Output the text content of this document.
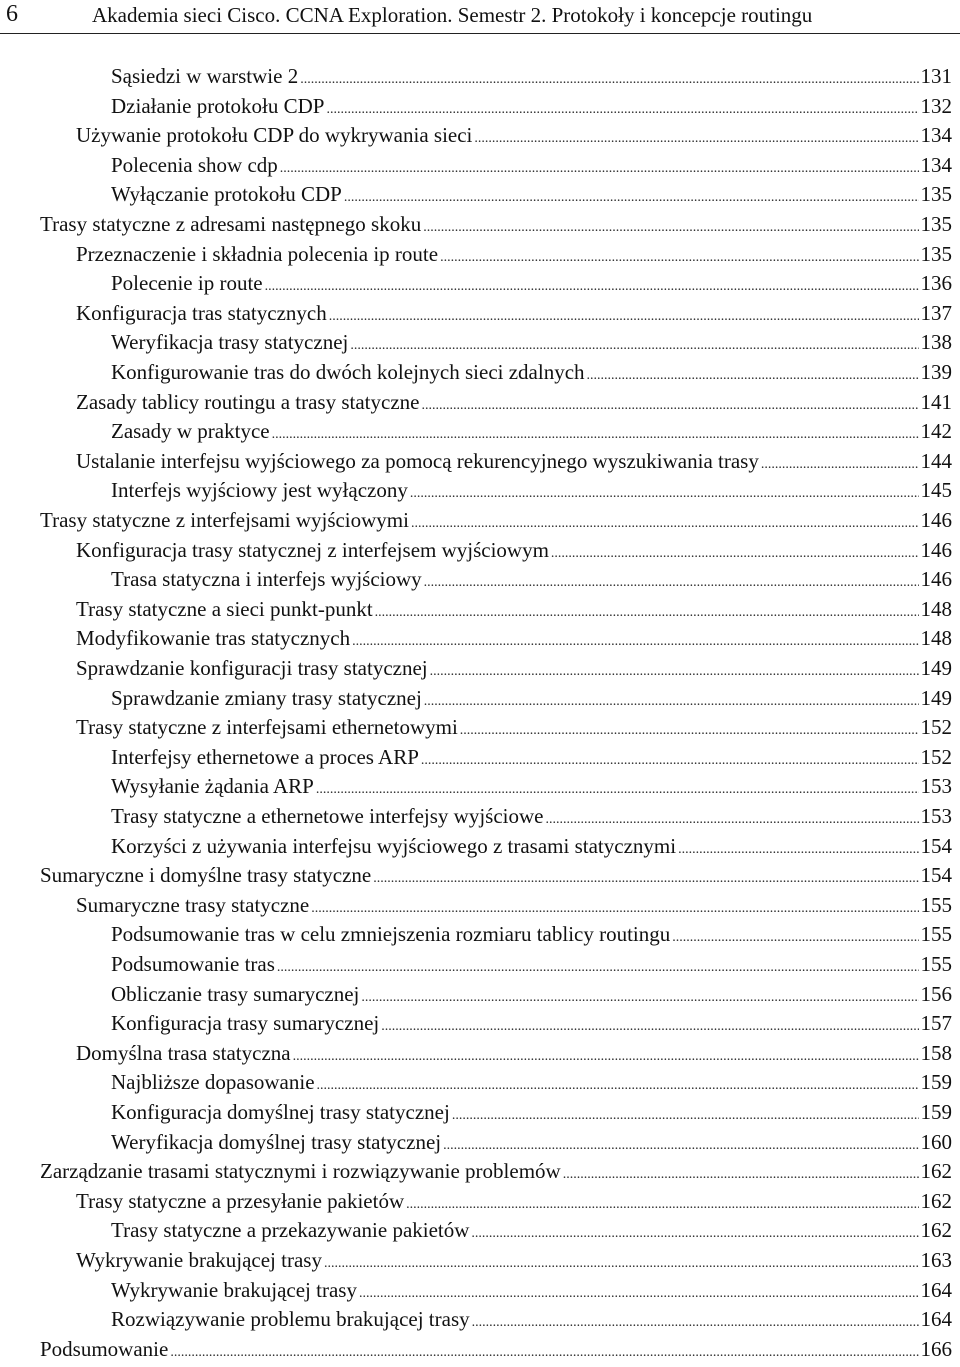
6	Akademia sieci Cisco. CCNA Exploration. Semestr 2. Protokoły i koncepcje routingu
Sąsiedzi w warstwie 2 .....	131
Działanie protokołu CDP .....	132
Używanie protokołu CDP do wykrywania sieci .....	134
Polecenia show cdp .....	134
Wyłączanie protokołu CDP .....	135
Trasy statyczne z adresami następnego skoku .....	135
Przeznaczenie i składnia polecenia ip route .....	135
Polecenie ip route .....	136
Konfiguracja tras statycznych .....	137
Weryfikacja trasy statycznej .....	138
Konfigurowanie tras do dwóch kolejnych sieci zdalnych .....	139
Zasady tablicy routingu a trasy statyczne .....	141
Zasady w praktyce .....	142
Ustalanie interfejsu wyjściowego za pomocą rekurencyjnego wyszukiwania trasy .....	144
Interfejs wyjściowy jest wyłączony .....	145
Trasy statyczne z interfejsami wyjściowymi .....	146
Konfiguracja trasy statycznej z interfejsem wyjściowym .....	146
Trasa statyczna i interfejs wyjściowy .....	146
Trasy statyczne a sieci punkt-punkt .....	148
Modyfikowanie tras statycznych .....	148
Sprawdzanie konfiguracji trasy statycznej .....	149
Sprawdzanie zmiany trasy statycznej .....	149
Trasy statyczne z interfejsami ethernetowymi .....	152
Interfejsy ethernetowe a proces ARP .....	152
Wysyłanie żądania ARP .....	153
Trasy statyczne a ethernetowe interfejsy wyjściowe .....	153
Korzyści z używania interfejsu wyjściowego z trasami statycznymi .....	154
Sumaryczne i domyślne trasy statyczne .....	154
Sumaryczne trasy statyczne .....	155
Podsumowanie tras w celu zmniejszenia rozmiaru tablicy routingu .....	155
Podsumowanie tras .....	155
Obliczanie trasy sumarycznej .....	156
Konfiguracja trasy sumarycznej .....	157
Domyślna trasa statyczna .....	158
Najbliższe dopasowanie .....	159
Konfiguracja domyślnej trasy statycznej .....	159
Weryfikacja domyślnej trasy statycznej .....	160
Zarządzanie trasami statycznymi i rozwiązywanie problemów .....	162
Trasy statyczne a przesyłanie pakietów .....	162
Trasy statyczne a przekazywanie pakietów .....	162
Wykrywanie brakującej trasy .....	163
Wykrywanie brakującej trasy .....	164
Rozwiązywanie problemu brakującej trasy .....	164
Podsumowanie .....	166
